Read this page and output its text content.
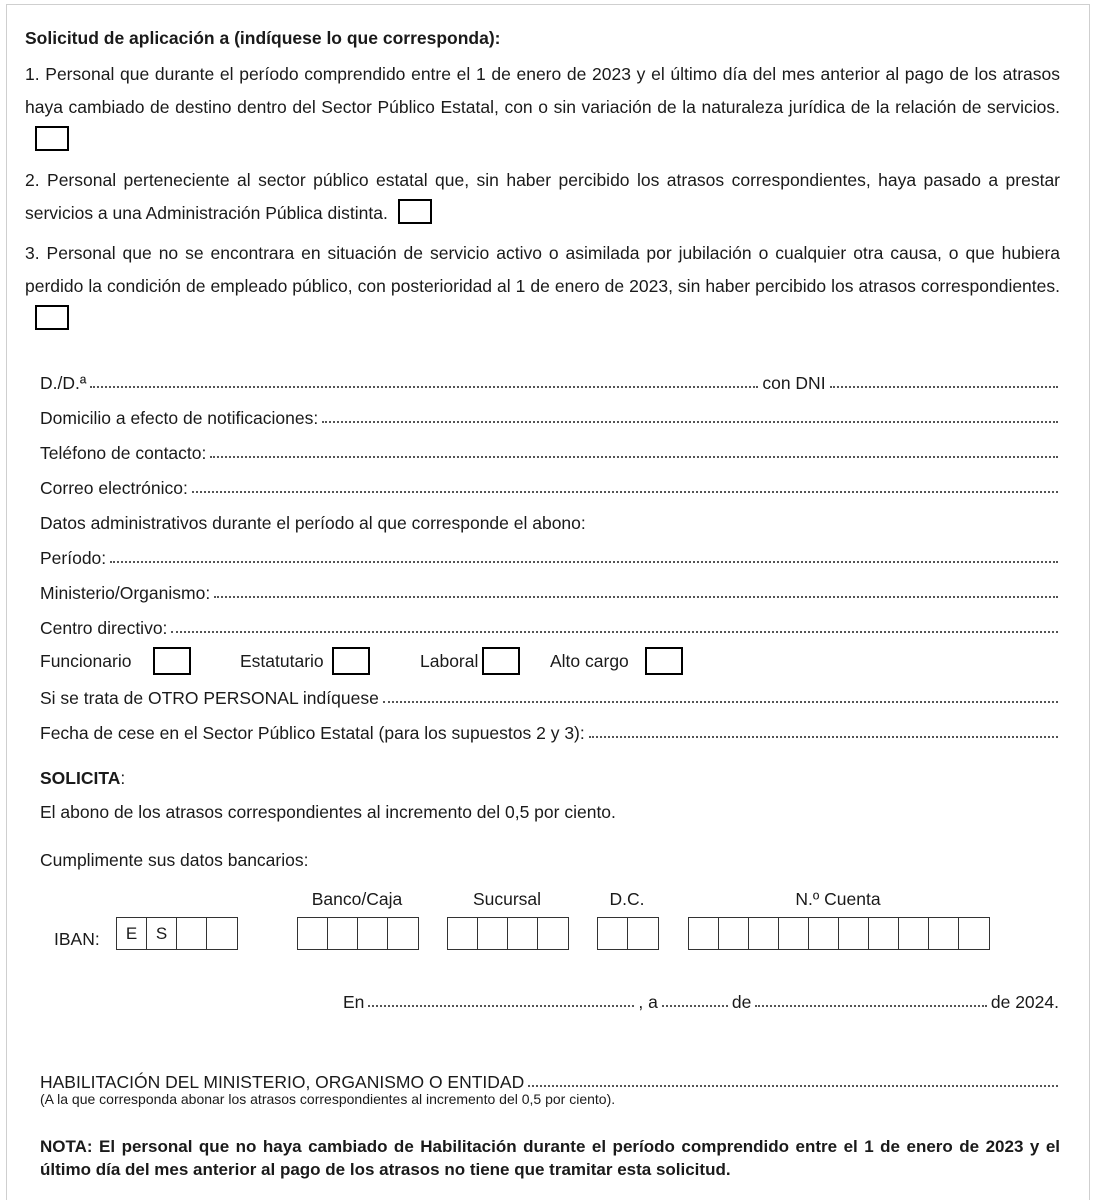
Solicitud de aplicación a (indíquese lo que corresponda):
1. Personal que durante el período comprendido entre el 1 de enero de 2023 y el último día del mes anterior al pago de los atrasos haya cambiado de destino dentro del Sector Público Estatal, con o sin variación de la naturaleza jurídica de la relación de servicios.
2. Personal perteneciente al sector público estatal que, sin haber percibido los atrasos correspondientes, haya pasado a prestar servicios a una Administración Pública distinta.
3. Personal que no se encontrara en situación de servicio activo o asimilada por jubilación o cualquier otra causa, o que hubiera perdido la condición de empleado público, con posterioridad al 1 de enero de 2023, sin haber percibido los atrasos correspondientes.
D./D.ª	con DNI
Domicilio a efecto de notificaciones:
Teléfono de contacto:
Correo electrónico:
Datos administrativos durante el período al que corresponde el abono:
Período:
Ministerio/Organismo:
Centro directivo:
Funcionario	Estatutario	Laboral	Alto cargo
Si se trata de OTRO PERSONAL indíquese
Fecha de cese en el Sector Público Estatal (para los supuestos 2 y 3):
SOLICITA:
El abono de los atrasos correspondientes al incremento del 0,5 por ciento.
Cumplimente sus datos bancarios:
Banco/Caja	Sucursal	D.C.	N.º Cuenta
IBAN:	E	S
En	, a	de	de 2024.
HABILITACIÓN DEL MINISTERIO, ORGANISMO O ENTIDAD
(A la que corresponda abonar los atrasos correspondientes al incremento del 0,5 por ciento).
NOTA: El personal que no haya cambiado de Habilitación durante el período comprendido entre el 1 de enero de 2023 y el último día del mes anterior al pago de los atrasos no tiene que tramitar esta solicitud.
